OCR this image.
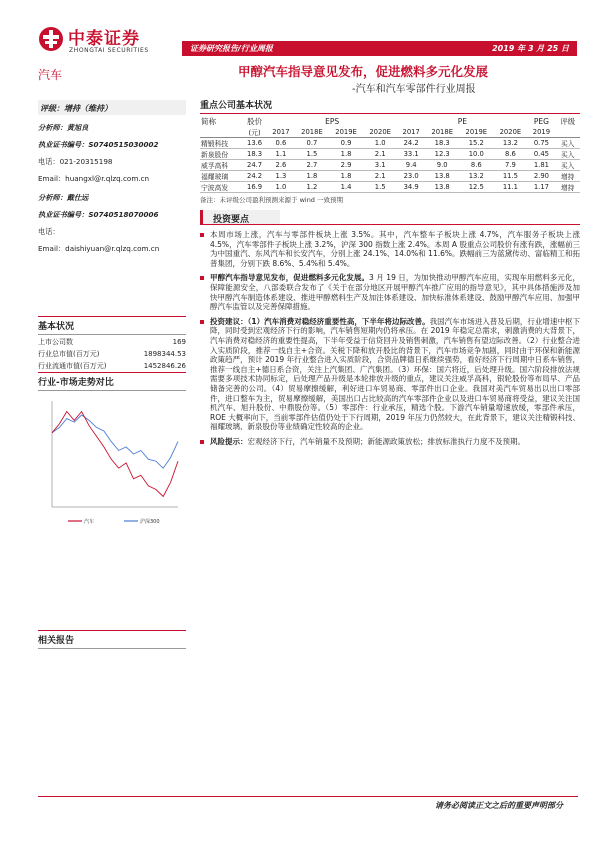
中泰证券
ZHONGTAI SECURITIES	证券研究报告/行业周报	2019 年 3 月 25 日
汽车	甲醇汽车指导意见发布，促进燃料多元化发展
-汽车和汽车零部件行业周报
评级：增持（维持）
分析师：黄旭良
执业证书编号：S0740515030002
电话：021-20315198
Email：huangxl@r.qlzq.com.cn
分析师：戴仕远
执业证书编号：S0740518070006
电话：
Email：daishiyuan@r.qlzq.com.cn
基本状况
上市公司数	169
行业总市值(百万元)	1898344.53
行业流通市值(百万元)	1452846.26
行业-市场走势对比
汽车	沪深300
相关报告
重点公司基本状况
简称	股价	EPS				PE				PEG	评级
	(元)	2017	2018E	2019E	2020E	2017	2018E	2019E	2020E	2019	
精锻科技	13.6	0.6	0.7	0.9	1.0	24.2	18.3	15.2	13.2	0.75	买入
新泉股份	18.3	1.1	1.5	1.8	2.1	33.1	12.3	10.0	8.6	0.45	买入
威孚高科	24.7	2.6	2.7	2.9	3.1	9.4	9.0	8.6	7.9	1.81	买入
福耀玻璃	24.2	1.3	1.8	1.8	2.1	23.0	13.8	13.2	11.5	2.90	增持
宁波高发	16.9	1.0	1.2	1.4	1.5	34.9	13.8	12.5	11.1	1.17	增持
备注：未评级公司盈利预测来源于 wind 一致预期
投资要点
本周市场上涨，汽车与零部件板块上涨 3.5%。其中，汽车整车子板块上涨 4.7%，汽车服务子板块上涨 4.5%，汽车零部件子板块上涨 3.2%，沪深 300 指数上涨 2.4%。本周 A 股重点公司股价有涨有跌，涨幅前三为中国重汽、东风汽车和长安汽车，分别上涨 24.1%、14.0%和 11.6%。跌幅前三为蓝黛传动、富临精工和拓普集团，分别下跌 8.6%、5.4%和 5.4%。
甲醇汽车指导意见发布，促进燃料多元化发展。3 月 19 日，为加快推动甲醇汽车应用，实现车用燃料多元化，保障能源安全，八部委联合发布了《关于在部分地区开展甲醇汽车推广应用的指导意见》，其中具体措施涉及加快甲醇汽车制造体系建设、推进甲醇燃料生产及加注体系建设、加快标准体系建设、鼓励甲醇汽车应用、加强甲醇汽车监管以及完善保障措施。
投资建议：（1）汽车消费对稳经济重要性高，下半年将边际改善。我国汽车市场进入普及后期，行业增速中枢下降，同时受到宏观经济下行的影响，汽车销售短期内仍将承压。在 2019 年稳定总需求，刺激消费的大背景下，汽车消费对稳经济的重要性提高，下半年受益于信贷回升及销售刺激，汽车销售有望边际改善。（2）行业整合进入实质阶段，推荐一线自主+合资。关税下降和放开股比的背景下，汽车市场竞争加剧，同时由于环保和新能源政策趋严，预计 2019 年行业整合进入实质阶段，合资品牌德日系继续强势，看好经济下行周期中日系车销售，推荐一线自主+德日系合资，关注上汽集团、广汽集团。（3）环保：国六将近，后处理升级。国六阶段排放法规需要多项技术协同标定，后处理产品升级是本轮排放升级的重点，建议关注威孚高科，银轮股份等布局早、产品储备完善的公司。（4）贸易摩擦缓解，利好进口车贸易商、零部件出口企业。我国对美汽车贸易出以出口零部件，进口整车为主，贸易摩擦缓解，美国出口占比较高的汽车零部件企业以及进口车贸易商将受益，建议关注国机汽车、旭升股份、中鼎股份等。（5）零部件：行业承压，精选个股。下游汽车销量增速放缓，零部件承压，ROE 大概率向下，当前零部件估值仍处于下行周期，2019 年压力仍然较大，在此背景下，建议关注精锻科技、福耀玻璃、新泉股份等业绩确定性较高的企业。
风险提示：宏观经济下行，汽车销量不及预期；新能源政策放松；排放标准执行力度不及预期。
请务必阅读正文之后的重要声明部分
